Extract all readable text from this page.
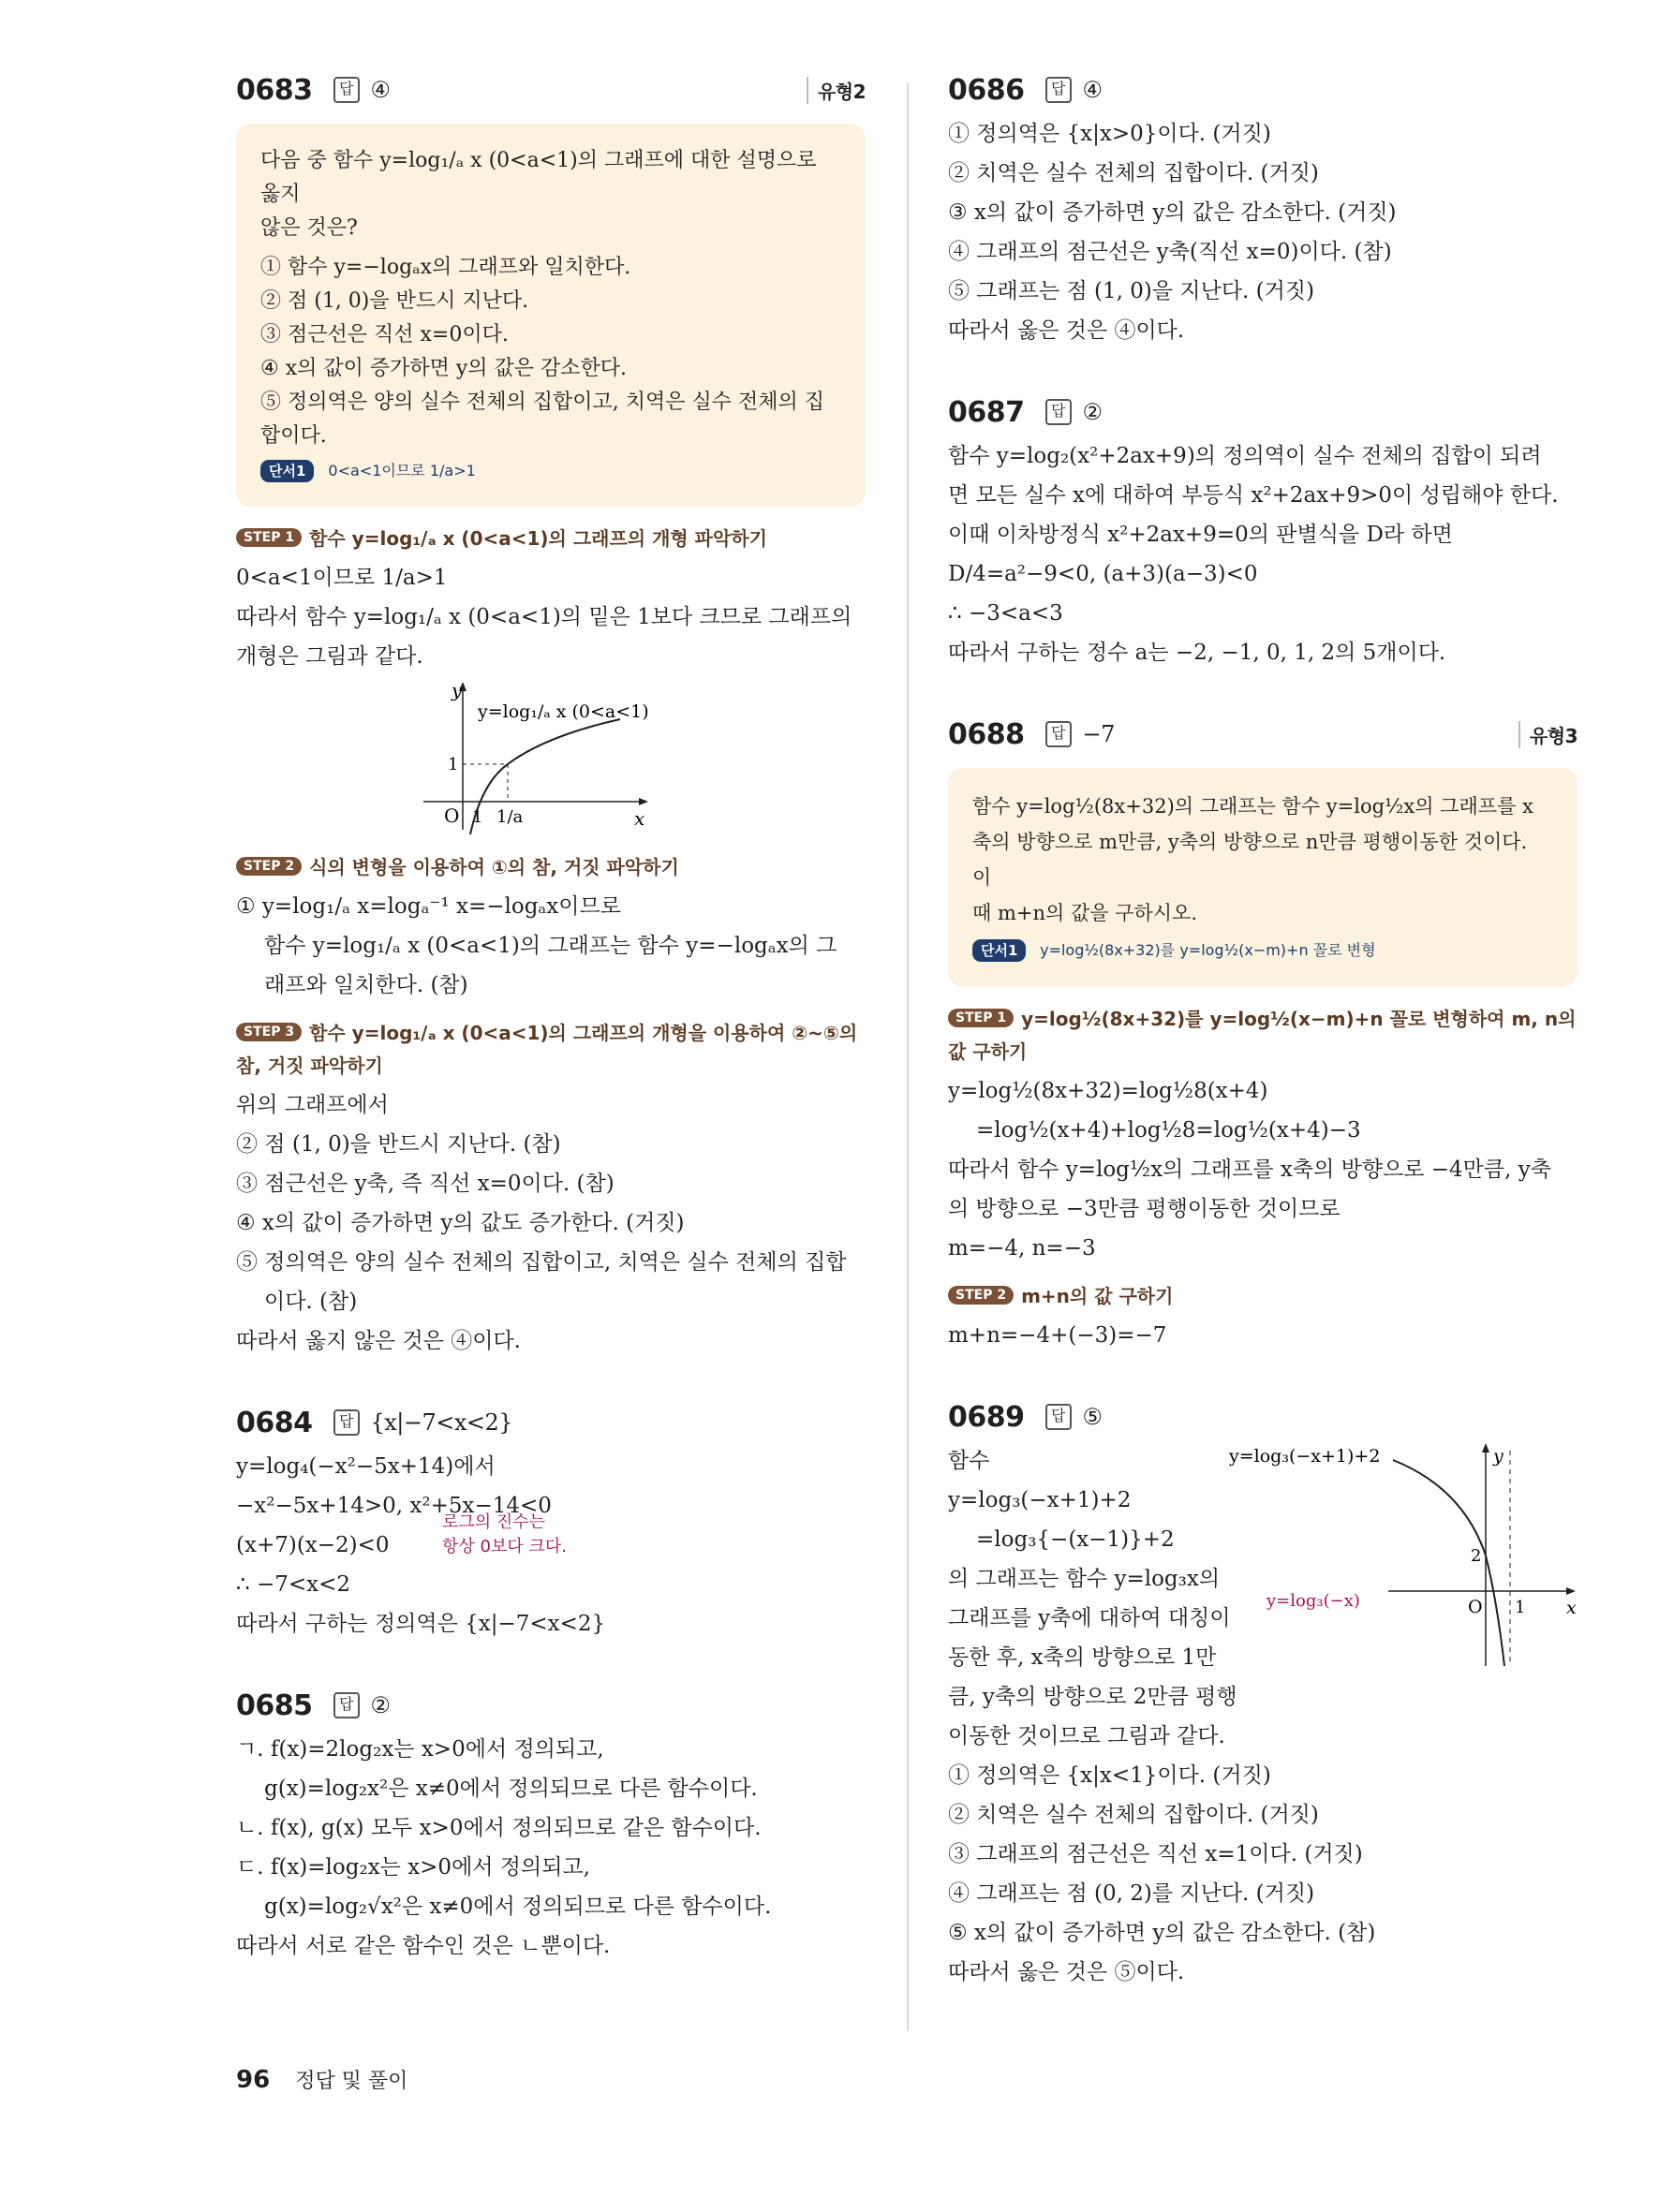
0683	답 ④	유형2
다음 중 함수 y=log₁/ₐ x (0<a<1)의 그래프에 대한 설명으로 옳지
않은 것은?
① 함수 y=−logₐx의 그래프와 일치한다.
② 점 (1, 0)을 반드시 지난다.
③ 점근선은 직선 x=0이다.
④ x의 값이 증가하면 y의 값은 감소한다.
⑤ 정의역은 양의 실수 전체의 집합이고, 치역은 실수 전체의 집합이다.
단서1 0<a<1이므로 1/a>1
STEP 1 함수 y=log₁/ₐ x (0<a<1)의 그래프의 개형 파악하기
0<a<1이므로 1/a>1
따라서 함수 y=log₁/ₐ x (0<a<1)의 밑은 1보다 크므로 그래프의
개형은 그림과 같다.
y
x
O
1
1 1/a
y=log₁/ₐ x (0<a<1)
STEP 2 식의 변형을 이용하여 ①의 참, 거짓 파악하기
① y=log₁/ₐ x=logₐ⁻¹ x=−logₐx이므로
함수 y=log₁/ₐ x (0<a<1)의 그래프는 함수 y=−logₐx의 그
래프와 일치한다. (참)
STEP 3 함수 y=log₁/ₐ x (0<a<1)의 그래프의 개형을 이용하여 ②~⑤의
참, 거짓 파악하기
위의 그래프에서
② 점 (1, 0)을 반드시 지난다. (참)
③ 점근선은 y축, 즉 직선 x=0이다. (참)
④ x의 값이 증가하면 y의 값도 증가한다. (거짓)
⑤ 정의역은 양의 실수 전체의 집합이고, 치역은 실수 전체의 집합
이다. (참)
따라서 옳지 않은 것은 ④이다.
0684	답 {x|−7<x<2}
y=log₄(−x²−5x+14)에서
−x²−5x+14>0, x²+5x−14<0
(x+7)(x−2)<0
로그의 진수는
항상 0보다 크다.
∴ −7<x<2
따라서 구하는 정의역은 {x|−7<x<2}
0685	답 ②
ㄱ. f(x)=2log₂x는 x>0에서 정의되고,
g(x)=log₂x²은 x≠0에서 정의되므로 다른 함수이다.
ㄴ. f(x), g(x) 모두 x>0에서 정의되므로 같은 함수이다.
ㄷ. f(x)=log₂x는 x>0에서 정의되고,
g(x)=log₂√x²은 x≠0에서 정의되므로 다른 함수이다.
따라서 서로 같은 함수인 것은 ㄴ뿐이다.
0686	답 ④
① 정의역은 {x|x>0}이다. (거짓)
② 치역은 실수 전체의 집합이다. (거짓)
③ x의 값이 증가하면 y의 값은 감소한다. (거짓)
④ 그래프의 점근선은 y축(직선 x=0)이다. (참)
⑤ 그래프는 점 (1, 0)을 지난다. (거짓)
따라서 옳은 것은 ④이다.
0687	답 ②
함수 y=log₂(x²+2ax+9)의 정의역이 실수 전체의 집합이 되려
면 모든 실수 x에 대하여 부등식 x²+2ax+9>0이 성립해야 한다.
이때 이차방정식 x²+2ax+9=0의 판별식을 D라 하면
D/4=a²−9<0, (a+3)(a−3)<0
∴ −3<a<3
따라서 구하는 정수 a는 −2, −1, 0, 1, 2의 5개이다.
0688	답 −7	유형3
함수 y=log½(8x+32)의 그래프는 함수 y=log½x의 그래프를 x
축의 방향으로 m만큼, y축의 방향으로 n만큼 평행이동한 것이다. 이
때 m+n의 값을 구하시오.
단서1 y=log½(8x+32)를 y=log½(x−m)+n 꼴로 변형
STEP 1 y=log½(8x+32)를 y=log½(x−m)+n 꼴로 변형하여 m, n의
값 구하기
y=log½(8x+32)=log½8(x+4)
=log½(x+4)+log½8=log½(x+4)−3
따라서 함수 y=log½x의 그래프를 x축의 방향으로 −4만큼, y축
의 방향으로 −3만큼 평행이동한 것이므로
m=−4, n=−3
STEP 2 m+n의 값 구하기
m+n=−4+(−3)=−7
0689	답 ⑤
함수
y=log₃(−x+1)+2
=log₃{−(x−1)}+2
의 그래프는 함수 y=log₃x의
그래프를 y축에 대하여 대칭이
동한 후, x축의 방향으로 1만
큼, y축의 방향으로 2만큼 평행
이동한 것이므로 그림과 같다.
y=log₃(−x+1)+2	y
x
O 1
2
y=log₃(−x)
① 정의역은 {x|x<1}이다. (거짓)
② 치역은 실수 전체의 집합이다. (거짓)
③ 그래프의 점근선은 직선 x=1이다. (거짓)
④ 그래프는 점 (0, 2)를 지난다. (거짓)
⑤ x의 값이 증가하면 y의 값은 감소한다. (참)
따라서 옳은 것은 ⑤이다.
96 정답 및 풀이
